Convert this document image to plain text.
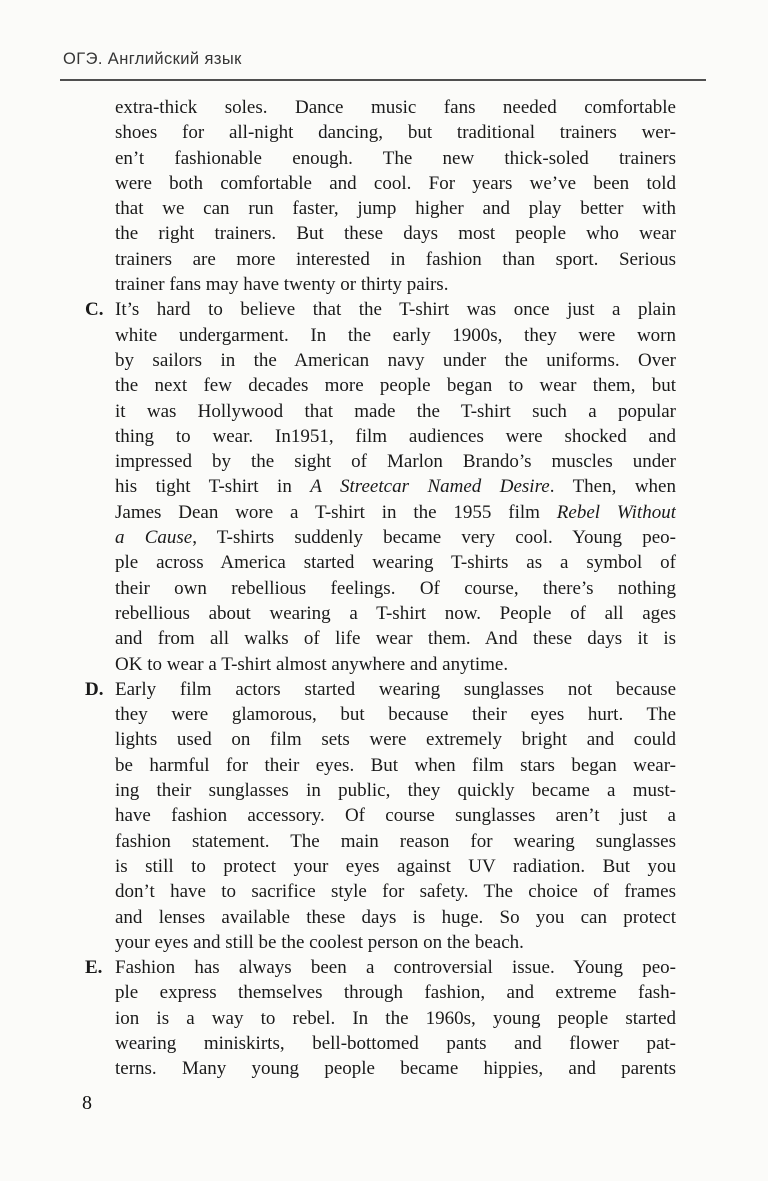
ОГЭ. Английский язык
extra-thick soles. Dance music fans needed comfortable
shoes for all-night dancing, but traditional trainers wer-
en’t fashionable enough. The new thick-soled trainers
were both comfortable and cool. For years we’ve been told
that we can run faster, jump higher and play better with
the right trainers. But these days most people who wear
trainers are more interested in fashion than sport. Serious
trainer fans may have twenty or thirty pairs.
C. It’s hard to believe that the T-shirt was once just a plain
white undergarment. In the early 1900s, they were worn
by sailors in the American navy under the uniforms. Over
the next few decades more people began to wear them, but
it was Hollywood that made the T-shirt such a popular
thing to wear. In1951, film audiences were shocked and
impressed by the sight of Marlon Brando’s muscles under
his tight T-shirt in A Streetcar Named Desire. Then, when
James Dean wore a T-shirt in the 1955 film Rebel Without
a Cause, T-shirts suddenly became very cool. Young peo-
ple across America started wearing T-shirts as a symbol of
their own rebellious feelings. Of course, there’s nothing
rebellious about wearing a T-shirt now. People of all ages
and from all walks of life wear them. And these days it is
OK to wear a T-shirt almost anywhere and anytime.
D. Early film actors started wearing sunglasses not because
they were glamorous, but because their eyes hurt. The
lights used on film sets were extremely bright and could
be harmful for their eyes. But when film stars began wear-
ing their sunglasses in public, they quickly became a must-
have fashion accessory. Of course sunglasses aren’t just a
fashion statement. The main reason for wearing sunglasses
is still to protect your eyes against UV radiation. But you
don’t have to sacrifice style for safety. The choice of frames
and lenses available these days is huge. So you can protect
your eyes and still be the coolest person on the beach.
E. Fashion has always been a controversial issue. Young peo-
ple express themselves through fashion, and extreme fash-
ion is a way to rebel. In the 1960s, young people started
wearing miniskirts, bell-bottomed pants and flower pat-
terns. Many young people became hippies, and parents
8
